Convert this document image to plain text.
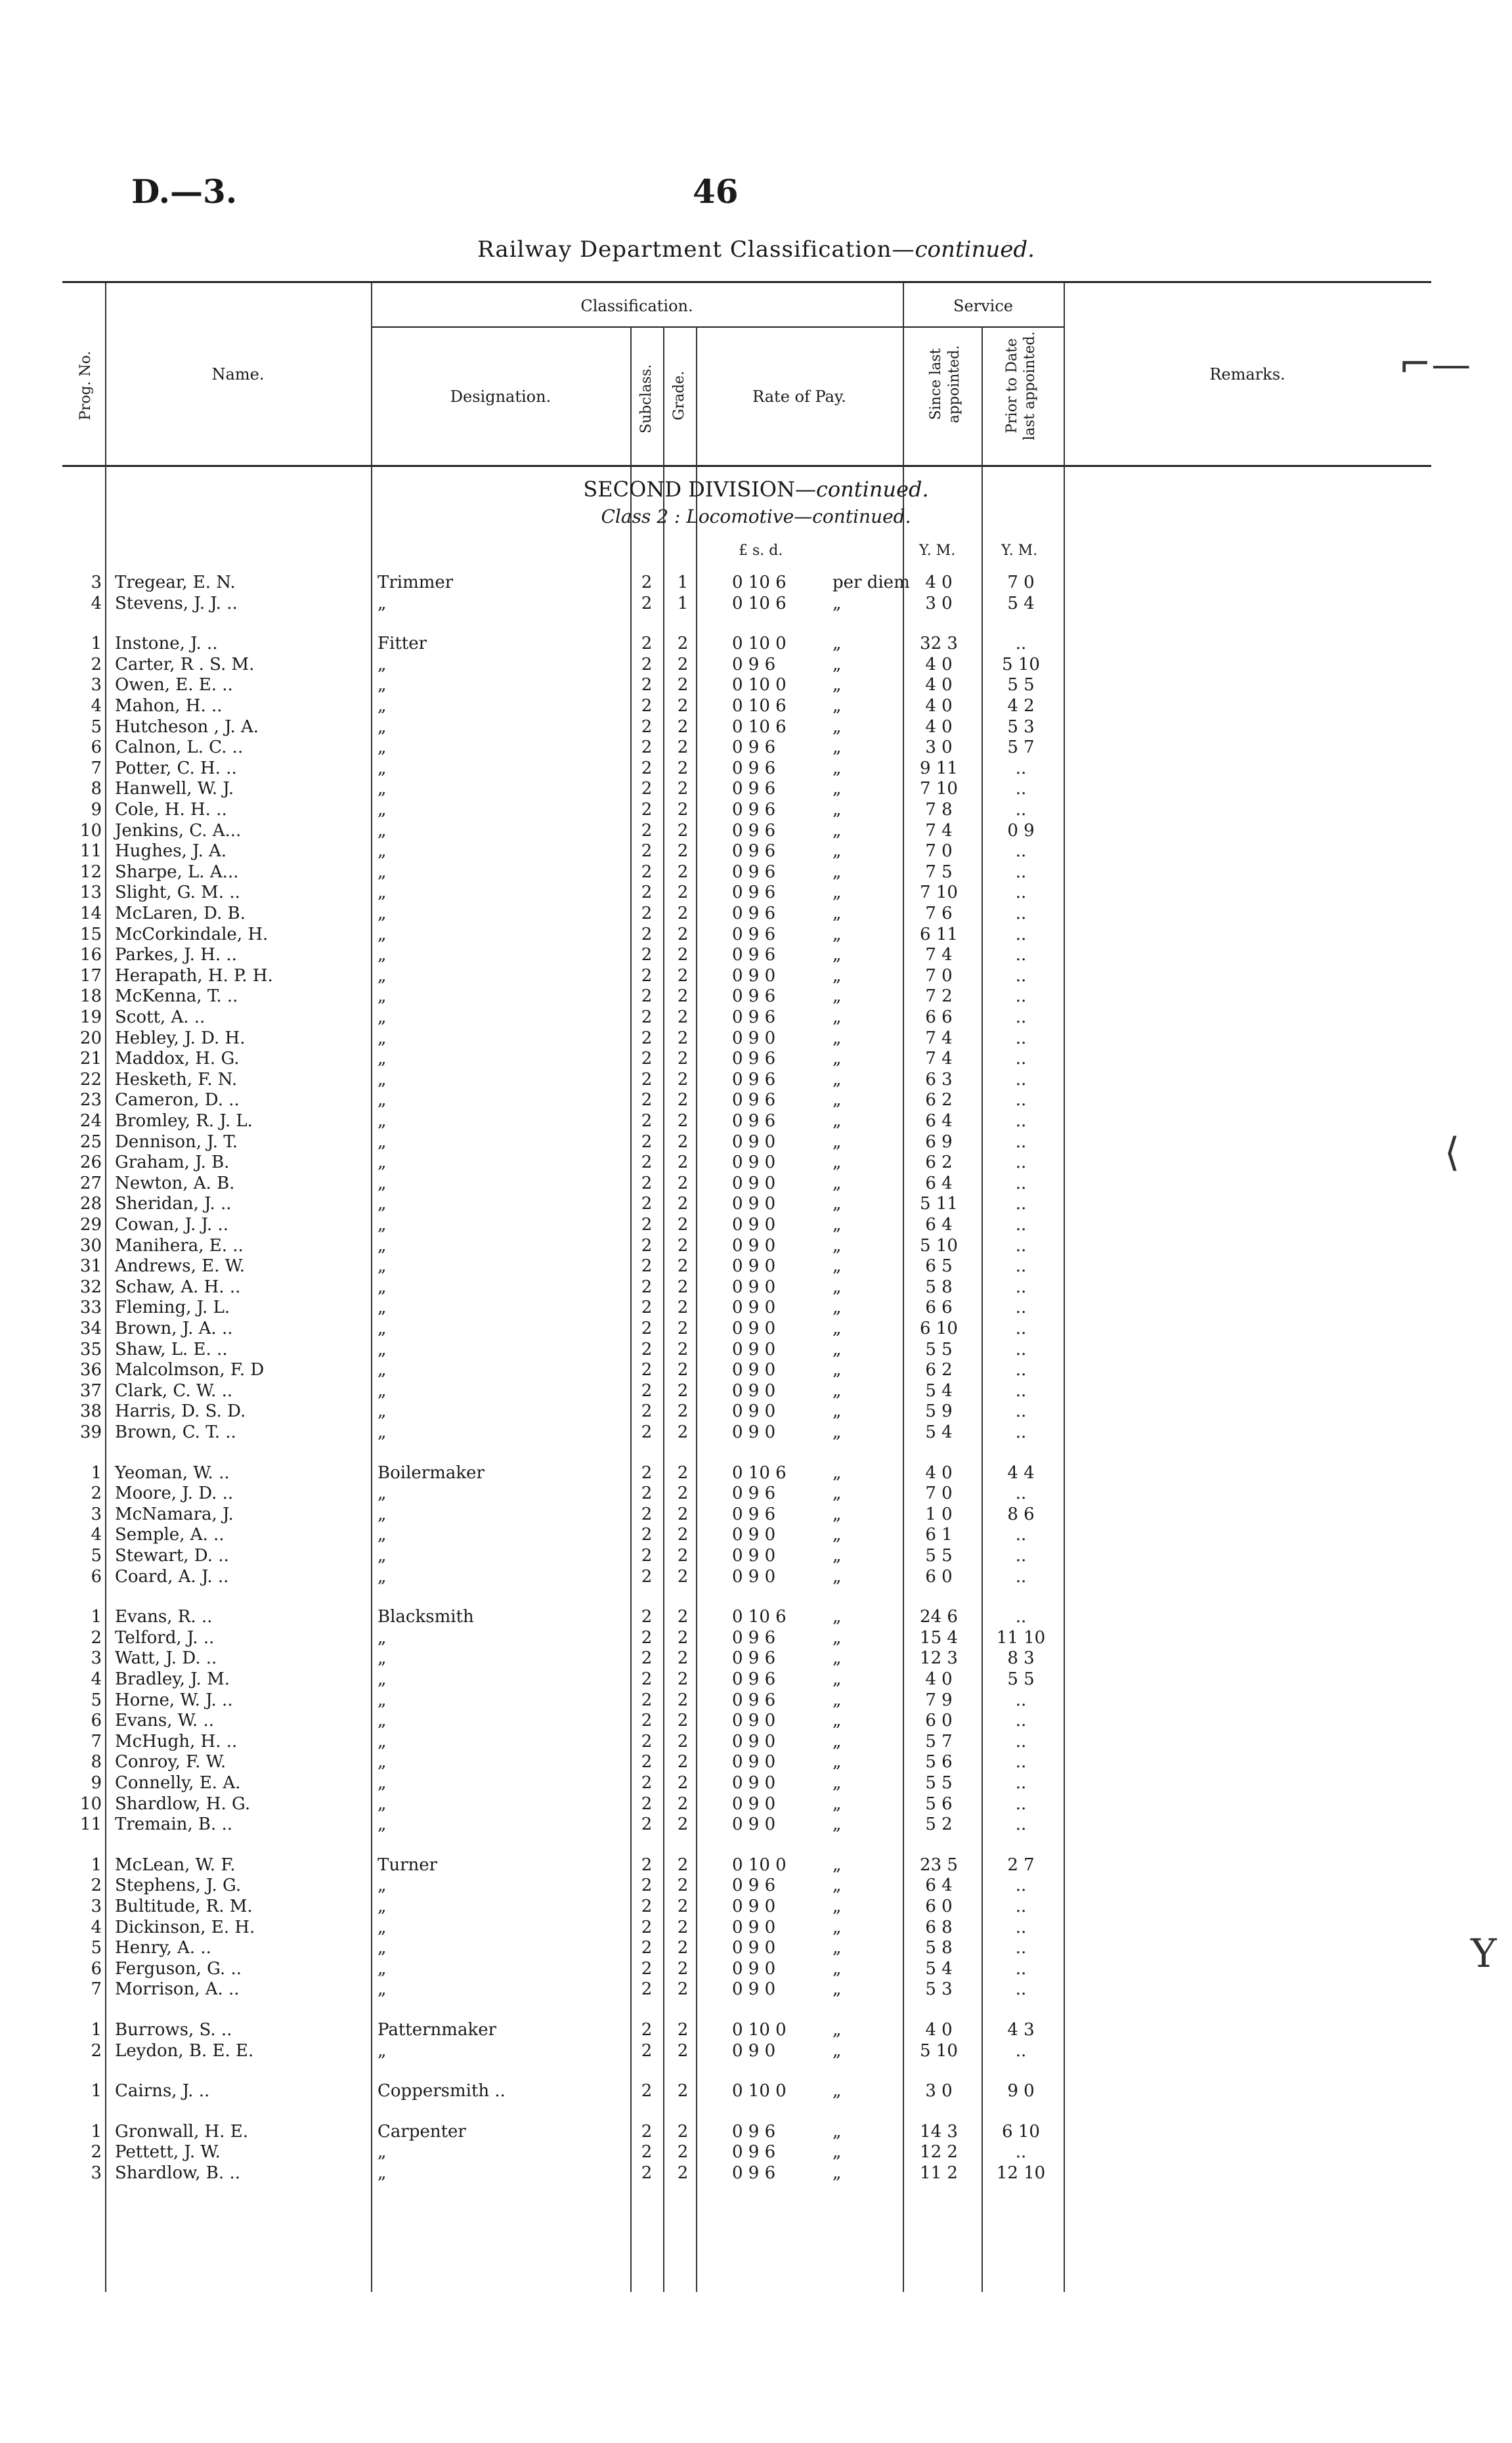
D.—3.	46
Railway Department Classification—continued.
Prog. No.	Name.
Classification.
Designation.	Subclass. Grade.	Rate of Pay.
Service
Since last appointed.	Prior to Date last appointed.	Remarks.
SECOND DIVISION—continued.
Class 2 : Locomotive—continued.
£ s. d.	Y. M.	Y. M.
3 Tregear, E. N.	Trimmer	2	1	0 10 6	per diem 4 0	7 0
4 Stevens, J. J. ..	„	2	1	0 10 6	„	3 0	5 4
1 Instone, J. ..	Fitter	2	2	0 10 0	„	32 3	..
2 Carter, R . S. M.	„	2	2	0 9 6	„	4 0	5 10
3 Owen, E. E. ..	„	2	2	0 10 0	„	4 0	5 5
4 Mahon, H. ..	„	2	2	0 10 6	„	4 0	4 2
5 Hutcheson , J. A.	„	2	2	0 10 6	„	4 0	5 3
6 Calnon, L. C. ..	„	2	2	0 9 6	„	3 0	5 7
7 Potter, C. H. ..	„	2	2	0 9 6	„	9 11	..
8 Hanwell, W. J.	„	2	2	0 9 6	„	7 10	..
9 Cole, H. H. ..	„	2	2	0 9 6	„	7 8	..
10 Jenkins, C. A...	„	2	2	0 9 6	„	7 4	0 9
11 Hughes, J. A.	„	2	2	0 9 6	„	7 0	..
12 Sharpe, L. A...	„	2	2	0 9 6	„	7 5	..
13 Slight, G. M. ..	„	2	2	0 9 6	„	7 10	..
14 McLaren, D. B.	„	2	2	0 9 6	„	7 6	..
15 McCorkindale, H.	„	2	2	0 9 6	„	6 11	..
16 Parkes, J. H. ..	„	2	2	0 9 6	„	7 4	..
17 Herapath, H. P. H.	„	2	2	0 9 0	„	7 0	..
18 McKenna, T. ..	„	2	2	0 9 6	„	7 2	..
19 Scott, A. ..	„	2	2	0 9 6	„	6 6	..
20 Hebley, J. D. H.	„	2	2	0 9 0	„	7 4	..
21 Maddox, H. G.	„	2	2	0 9 6	„	7 4	..
22 Hesketh, F. N.	„	2	2	0 9 6	„	6 3	..
23 Cameron, D. ..	„	2	2	0 9 6	„	6 2	..
24 Bromley, R. J. L.	„	2	2	0 9 6	„	6 4	..
25 Dennison, J. T.	„	2	2	0 9 0	„	6 9	..
26 Graham, J. B.	„	2	2	0 9 0	„	6 2	..
27 Newton, A. B.	„	2	2	0 9 0	„	6 4	..
28 Sheridan, J. ..	„	2	2	0 9 0	„	5 11	..
29 Cowan, J. J. ..	„	2	2	0 9 0	„	6 4	..
30 Manihera, E. ..	„	2	2	0 9 0	„	5 10	..
31 Andrews, E. W.	„	2	2	0 9 0	„	6 5	..
32 Schaw, A. H. ..	„	2	2	0 9 0	„	5 8	..
33 Fleming, J. L.	„	2	2	0 9 0	„	6 6	..
34 Brown, J. A. ..	„	2	2	0 9 0	„	6 10	..
35 Shaw, L. E. ..	„	2	2	0 9 0	„	5 5	..
36 Malcolmson, F. D	„	2	2	0 9 0	„	6 2	..
37 Clark, C. W. ..	„	2	2	0 9 0	„	5 4	..
38 Harris, D. S. D.	„	2	2	0 9 0	„	5 9	..
39 Brown, C. T. ..	„	2	2	0 9 0	„	5 4	..
1 Yeoman, W. ..	Boilermaker	2	2	0 10 6	„	4 0	4 4
2 Moore, J. D. ..	„	2	2	0 9 6	„	7 0	..
3 McNamara, J.	„	2	2	0 9 6	„	1 0	8 6
4 Semple, A. ..	„	2	2	0 9 0	„	6 1	..
5 Stewart, D. ..	„	2	2	0 9 0	„	5 5	..
6 Coard, A. J. ..	„	2	2	0 9 0	„	6 0	..
1 Evans, R. ..	Blacksmith	2	2	0 10 6	„	24 6	..
2 Telford, J. ..	„	2	2	0 9 6	„	15 4	11 10
3 Watt, J. D. ..	„	2	2	0 9 6	„	12 3	8 3
4 Bradley, J. M.	„	2	2	0 9 6	„	4 0	5 5
5 Horne, W. J. ..	„	2	2	0 9 6	„	7 9	..
6 Evans, W. ..	„	2	2	0 9 0	„	6 0	..
7 McHugh, H. ..	„	2	2	0 9 0	„	5 7	..
8 Conroy, F. W.	„	2	2	0 9 0	„	5 6	..
9 Connelly, E. A.	„	2	2	0 9 0	„	5 5	..
10 Shardlow, H. G.	„	2	2	0 9 0	„	5 6	..
11 Tremain, B. ..	„	2	2	0 9 0	„	5 2	..
1 McLean, W. F.	Turner	2	2	0 10 0	„	23 5	2 7
2 Stephens, J. G.	„	2	2	0 9 6	„	6 4	..
3 Bultitude, R. M.	„	2	2	0 9 0	„	6 0	..
4 Dickinson, E. H.	„	2	2	0 9 0	„	6 8	..
5 Henry, A. ..	„	2	2	0 9 0	„	5 8	..
6 Ferguson, G. ..	„	2	2	0 9 0	„	5 4	..
7 Morrison, A. ..	„	2	2	0 9 0	„	5 3	..
1 Burrows, S. ..	Patternmaker	2	2	0 10 0	„	4 0	4 3
2 Leydon, B. E. E.	„	2	2	0 9 0	„	5 10	..
1 Cairns, J. ..	Coppersmith ..	2	2	0 10 0	„	3 0	9 0
1 Gronwall, H. E.	Carpenter	2	2	0 9 6	„	14 3	6 10
2 Pettett, J. W.	„	2	2	0 9 6	„	12 2	..
3 Shardlow, B. ..	„	2	2	0 9 6	„	11 2	12 10
⌐—
⟨
Y
